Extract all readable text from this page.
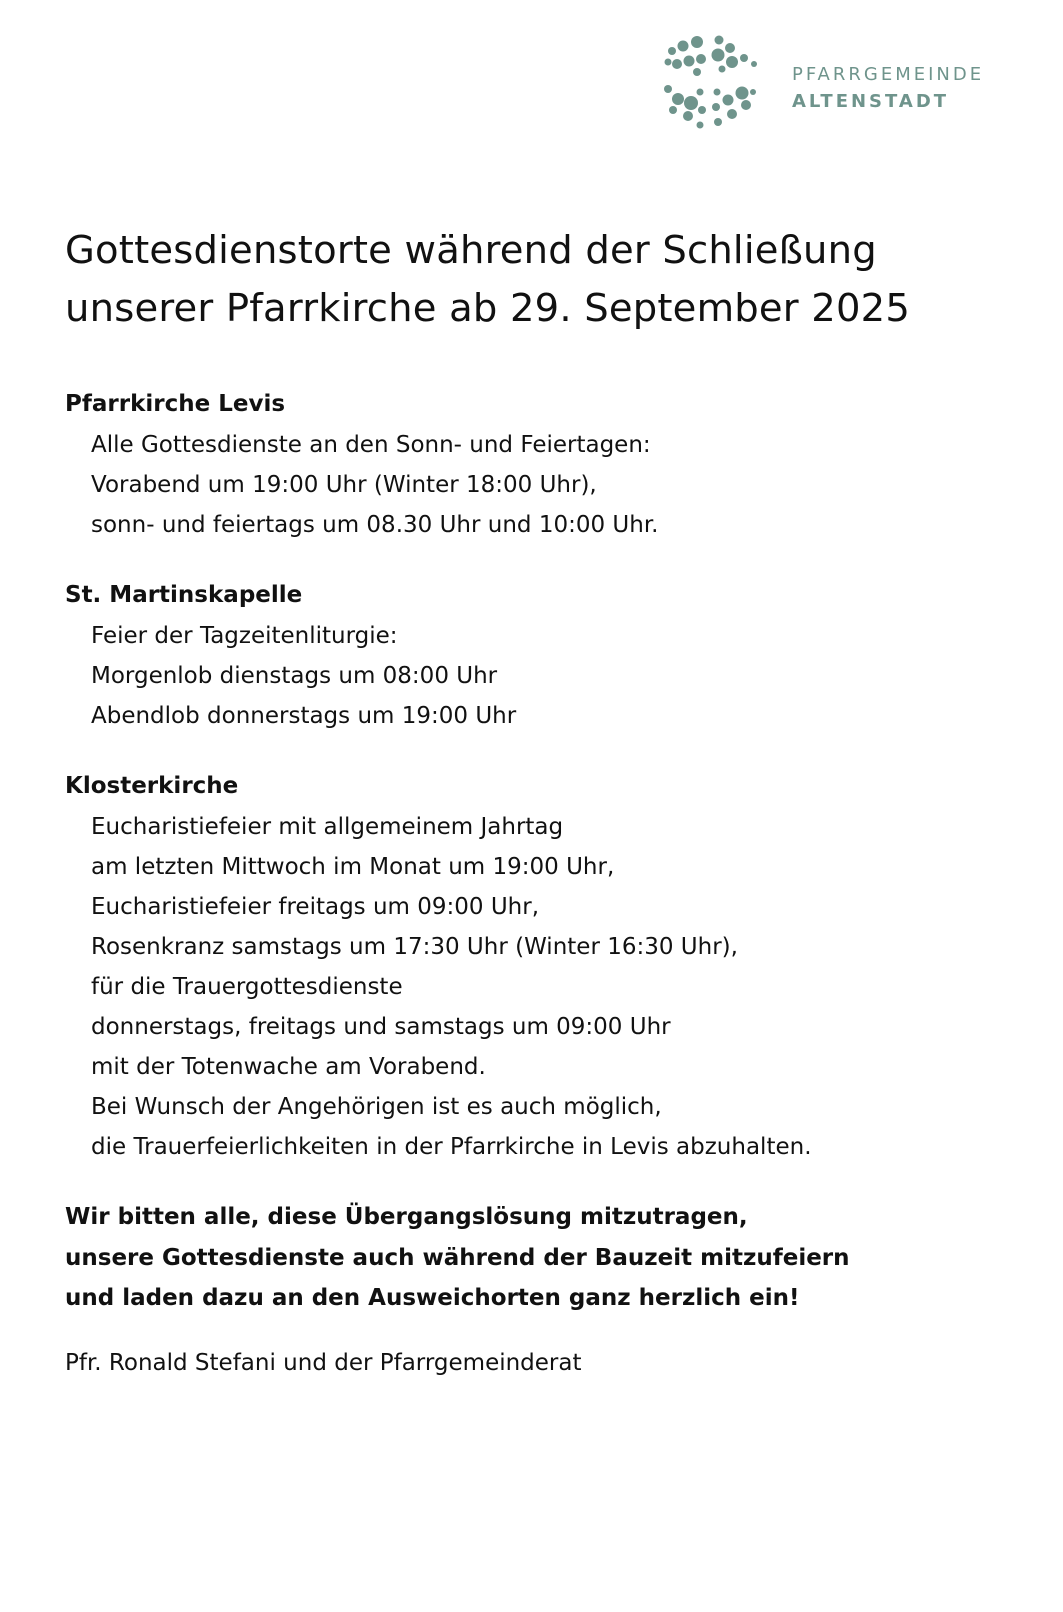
PFARRGEMEINDE
ALTENSTADT
Gottesdienstorte während der Schließung
unserer Pfarrkirche ab 29. September 2025
Pfarrkirche Levis

Alle Gottesdienste an den Sonn- und Feiertagen:

Vorabend um 19:00 Uhr (Winter 18:00 Uhr),

sonn- und feiertags um 08.30 Uhr und 10:00 Uhr.

St. Martinskapelle

Feier der Tagzeitenliturgie:

Morgenlob dienstags um 08:00 Uhr

Abendlob donnerstags um 19:00 Uhr

Klosterkirche

Eucharistiefeier mit allgemeinem Jahrtag

am letzten Mittwoch im Monat um 19:00 Uhr,

Eucharistiefeier freitags um 09:00 Uhr,

Rosenkranz samstags um 17:30 Uhr (Winter 16:30 Uhr),

für die Trauergottesdienste

donnerstags, freitags und samstags um 09:00 Uhr

mit der Totenwache am Vorabend.

Bei Wunsch der Angehörigen ist es auch möglich,

die Trauerfeierlichkeiten in der Pfarrkirche in Levis abzuhalten.

Wir bitten alle, diese Übergangslösung mitzutragen,

unsere Gottesdienste auch während der Bauzeit mitzufeiern

und laden dazu an den Ausweichorten ganz herzlich ein!

Pfr. Ronald Stefani und der Pfarrgemeinderat
